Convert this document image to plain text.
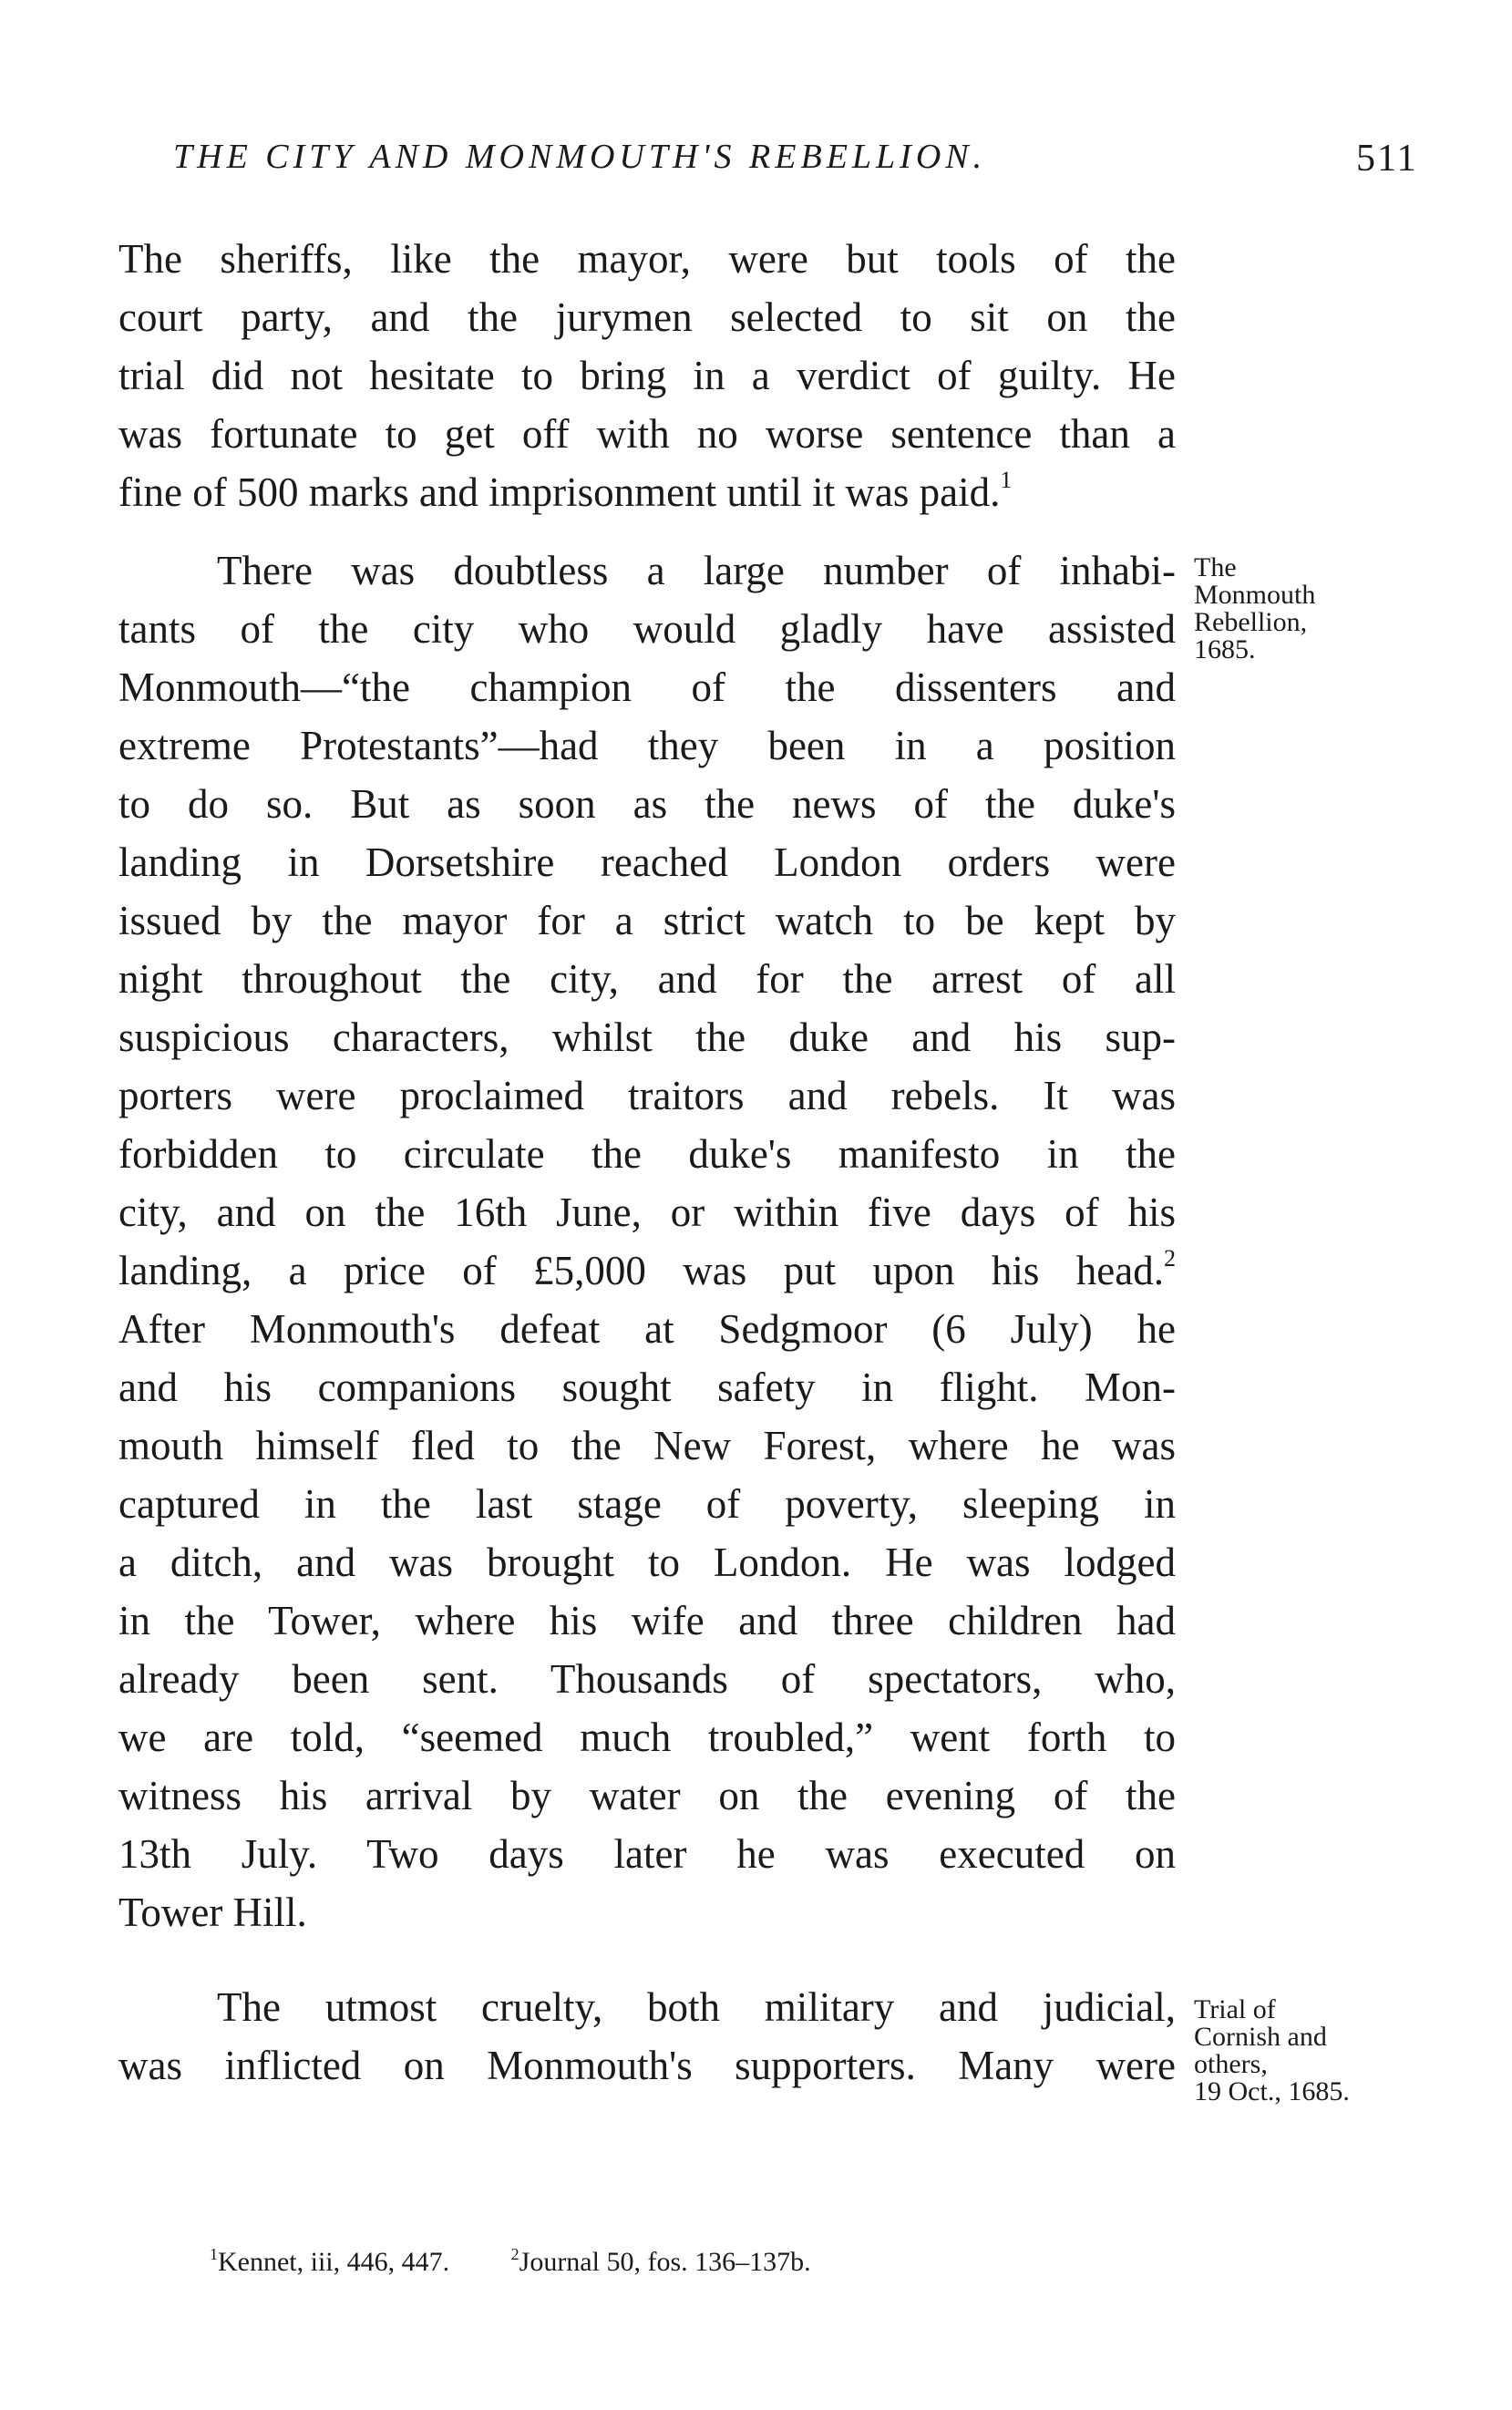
THE CITY AND MONMOUTH'S REBELLION.	511
The sheriffs, like the mayor, were but tools of the
court party, and the jurymen selected to sit on the
trial did not hesitate to bring in a verdict of guilty. He
was fortunate to get off with no worse sentence than a
fine of 500 marks and imprisonment until it was paid.$^1$
There was doubtless a large number of inhabi-
tants of the city who would gladly have assisted
Monmouth—“the champion of the dissenters and
extreme Protestants”—had they been in a position
to do so. But as soon as the news of the duke's
landing in Dorsetshire reached London orders were
issued by the mayor for a strict watch to be kept by
night throughout the city, and for the arrest of all
suspicious characters, whilst the duke and his sup-
porters were proclaimed traitors and rebels. It was
forbidden to circulate the duke's manifesto in the
city, and on the 16th June, or within five days of his
landing, a price of £5,000 was put upon his head.$^2$
After Monmouth's defeat at Sedgmoor (6 July) he
and his companions sought safety in flight. Mon-
mouth himself fled to the New Forest, where he was
captured in the last stage of poverty, sleeping in
a ditch, and was brought to London. He was lodged
in the Tower, where his wife and three children had
already been sent. Thousands of spectators, who,
we are told, “seemed much troubled,” went forth to
witness his arrival by water on the evening of the
13th July. Two days later he was executed on
Tower Hill.
The utmost cruelty, both military and judicial,
was inflicted on Monmouth's supporters. Many were
The
Monmouth
Rebellion,
1685.
Trial of
Cornish and
others,
19 Oct., 1685.
$^1$Kennet, iii, 446, 447.	$^2$Journal 50, fos. 136–137b.
